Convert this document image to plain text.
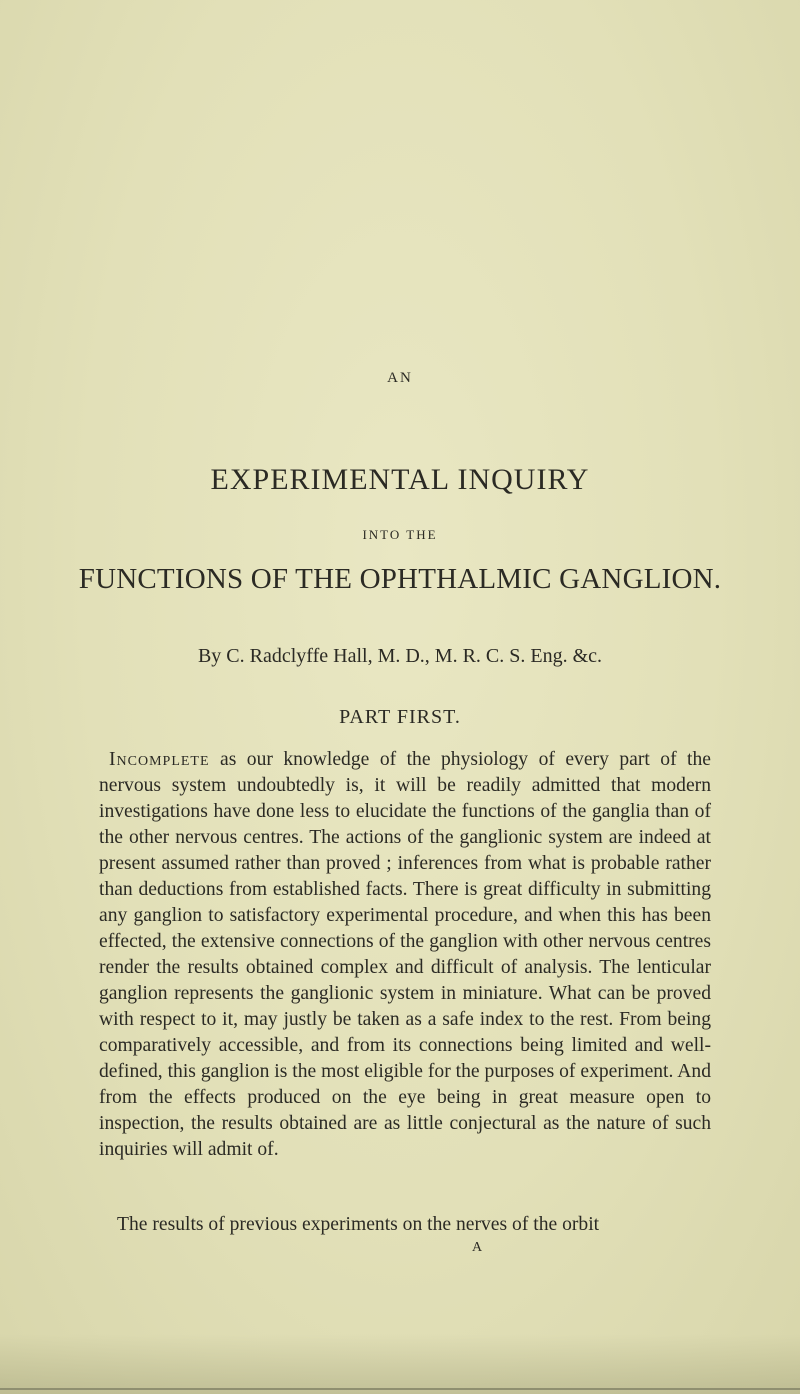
AN
EXPERIMENTAL INQUIRY
INTO THE
FUNCTIONS OF THE OPHTHALMIC GANGLION.
By C. Radclyffe Hall, M. D., M. R. C. S. Eng. &c.
PART FIRST.

Incomplete as our knowledge of the physiology of every part of the nervous system undoubtedly is, it will be readily admitted that modern investigations have done less to elucidate the functions of the ganglia than of the other nervous centres. The actions of the ganglionic system are indeed at present assumed rather than proved ; inferences from what is probable rather than deductions from established facts. There is great difficulty in submitting any ganglion to satisfactory experimental procedure, and when this has been effected, the extensive connections of the ganglion with other nervous centres render the results obtained complex and difficult of analysis. The lenticular ganglion represents the ganglionic system in miniature. What can be proved with respect to it, may justly be taken as a safe index to the rest. From being comparatively accessible, and from its connections being limited and well-defined, this ganglion is the most eligible for the purposes of experiment. And from the effects produced on the eye being in great measure open to inspection, the results obtained are as little conjectural as the nature of such inquiries will admit of.

The results of previous experiments on the nerves of the orbit

A
